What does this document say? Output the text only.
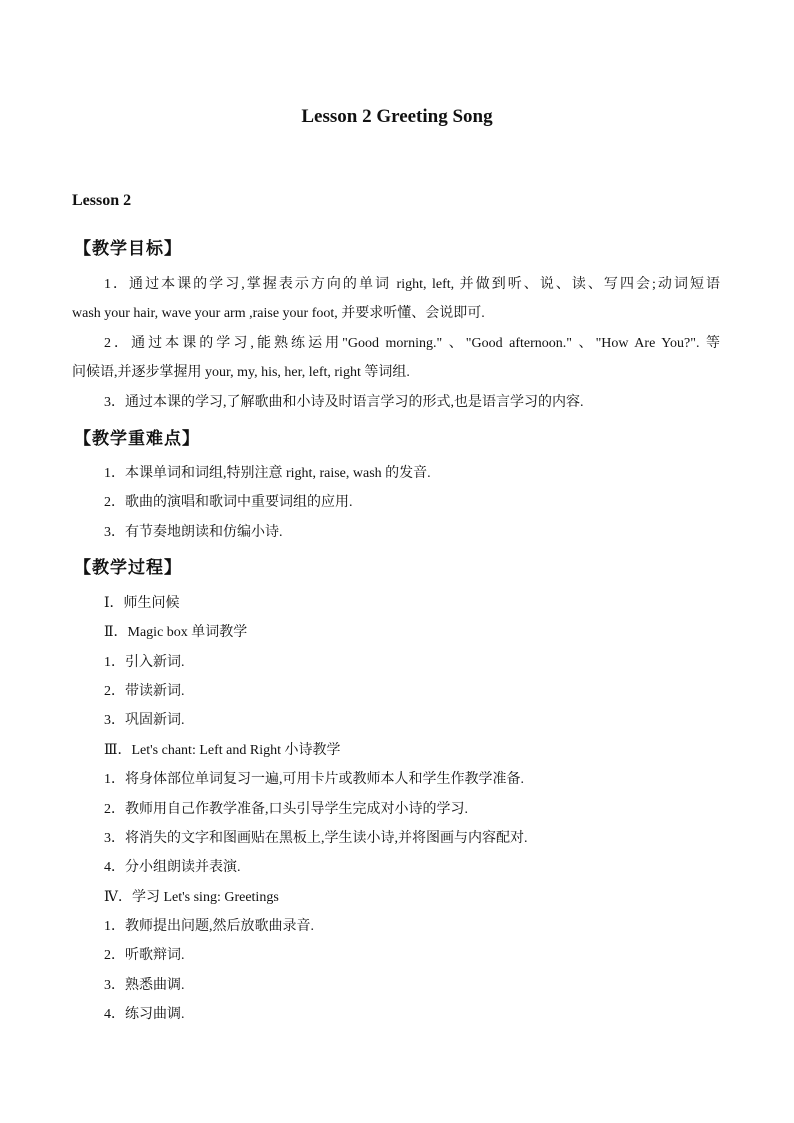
Lesson 2 Greeting Song
Lesson 2
【教学目标】
1．通过本课的学习,掌握表示方向的单词 right, left, 并做到听、说、读、写四会;动词短语
wash your hair, wave your arm ,raise your foot, 并要求听懂、会说即可.
2．通过本课的学习,能熟练运用"Good morning." 、"Good afternoon." 、"How Are You?". 等
问候语,并逐步掌握用 your, my, his, her, left, right 等词组.
3．通过本课的学习,了解歌曲和小诗及时语言学习的形式,也是语言学习的内容.
【教学重难点】
1．本课单词和词组,特别注意 right, raise, wash 的发音.
2．歌曲的演唱和歌词中重要词组的应用.
3．有节奏地朗读和仿编小诗.
【教学过程】
Ⅰ．师生问候
Ⅱ．Magic box 单词教学
1．引入新词.
2．带读新词.
3．巩固新词.
Ⅲ．Let's chant: Left and Right 小诗教学
1．将身体部位单词复习一遍,可用卡片或教师本人和学生作教学准备.
2．教师用自己作教学准备,口头引导学生完成对小诗的学习.
3．将消失的文字和图画贴在黑板上,学生读小诗,并将图画与内容配对.
4．分小组朗读并表演.
Ⅳ．学习 Let's sing: Greetings
1．教师提出问题,然后放歌曲录音.
2．听歌辩词.
3．熟悉曲调.
4．练习曲调.
